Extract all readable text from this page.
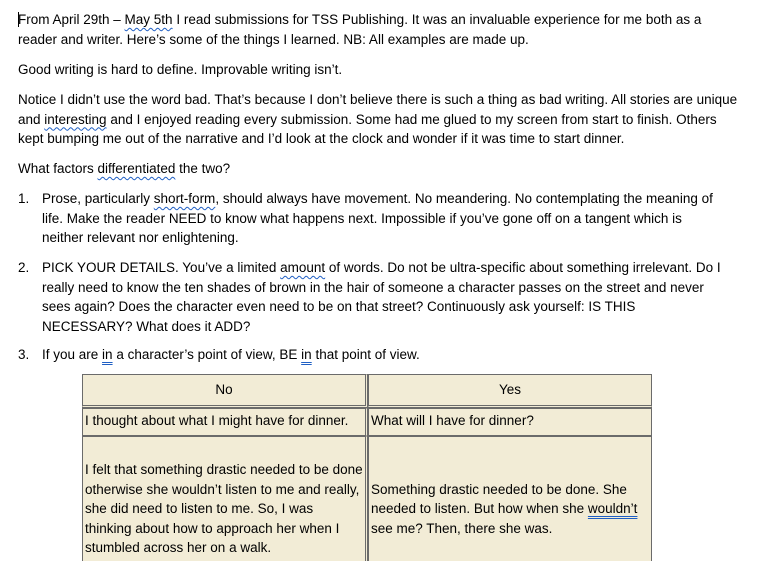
From April 29th – May 5th I read submissions for TSS Publishing. It was an invaluable experience for me both as a reader and writer. Here’s some of the things I learned. NB: All examples are made up.

Good writing is hard to define. Improvable writing isn’t.

Notice I didn’t use the word bad. That’s because I don’t believe there is such a thing as bad writing. All stories are unique and interesting and I enjoyed reading every submission. Some had me glued to my screen from start to finish. Others kept bumping me out of the narrative and I’d look at the clock and wonder if it was time to start dinner.

What factors differentiated the two?

1. Prose, particularly short-form, should always have movement. No meandering. No contemplating the meaning of life. Make the reader NEED to know what happens next. Impossible if you’ve gone off on a tangent which is neither relevant nor enlightening.
2. PICK YOUR DETAILS. You’ve a limited amount of words. Do not be ultra-specific about something irrelevant. Do I really need to know the ten shades of brown in the hair of someone a character passes on the street and never sees again? Does the character even need to be on that street? Continuously ask yourself: IS THIS NECESSARY? What does it ADD?
3. If you are in a character’s point of view, BE in that point of view.
No	Yes
I thought about what I might have for dinner.	What will I have for dinner?

I felt that something drastic needed to be done otherwise she wouldn’t listen to me and really, she did need to listen to me. So, I was thinking about how to approach her when I stumbled across her on a walk.	Something drastic needed to be done. She needed to listen. But how when she wouldn’t see me? Then, there she was.
